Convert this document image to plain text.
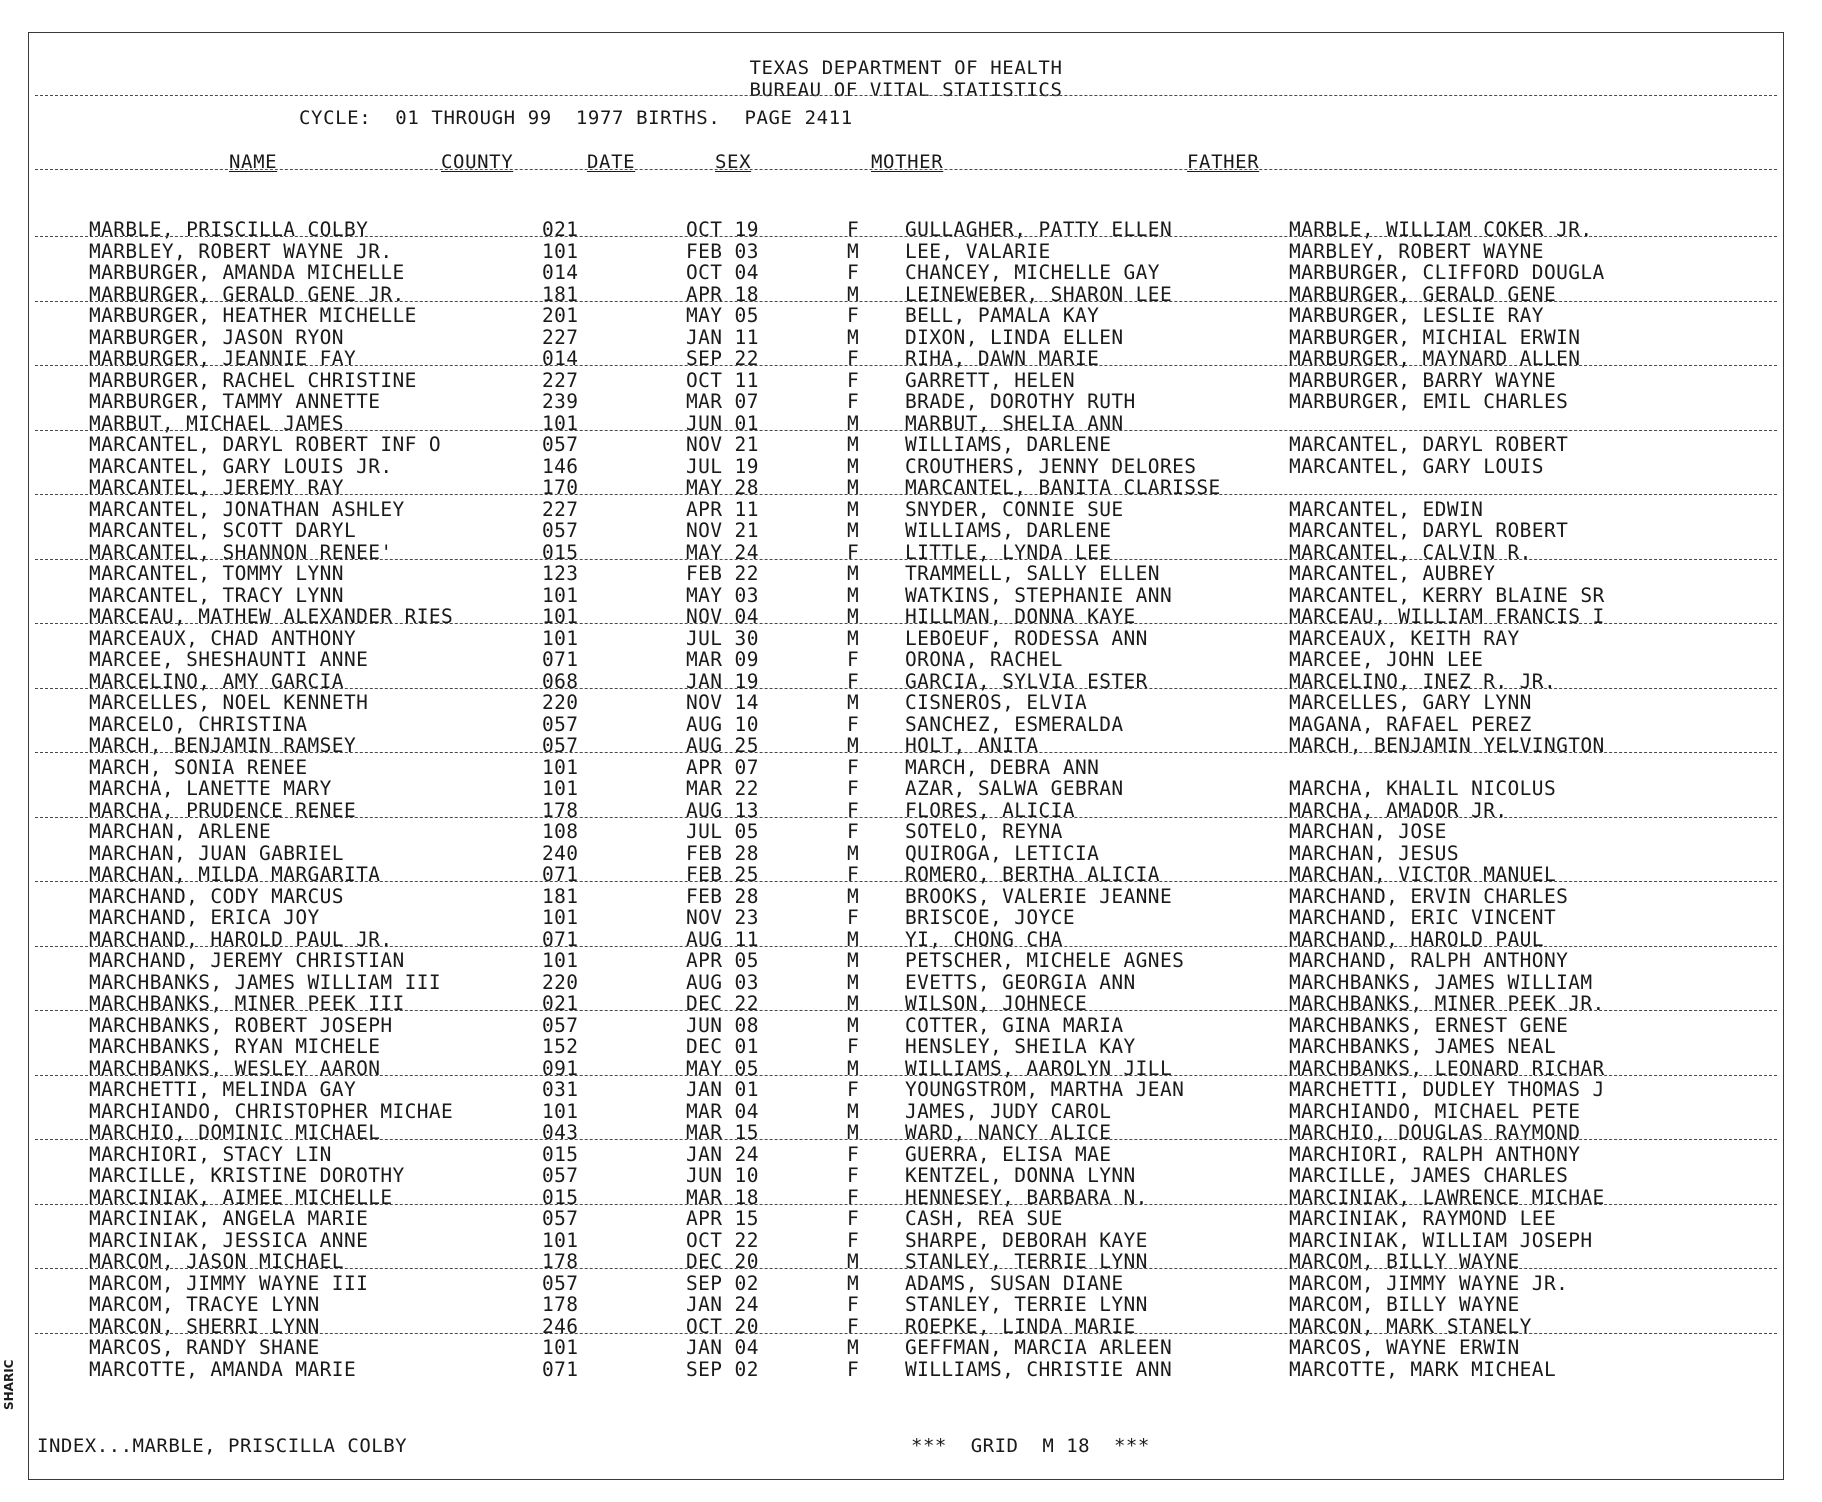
TEXAS DEPARTMENT OF HEALTH
BUREAU OF VITAL STATISTICS
CYCLE:  01 THROUGH 99  1977 BIRTHS.  PAGE 2411
NAME	COUNTY	DATE	SEX	MOTHER	FATHER
MARBLE, PRISCILLA COLBY	021	OCT 19	F GULLAGHER, PATTY ELLEN	MARBLE, WILLIAM COKER JR.
MARBLEY, ROBERT WAYNE JR.	101	FEB 03	M LEE, VALARIE	MARBLEY, ROBERT WAYNE
MARBURGER, AMANDA MICHELLE	014	OCT 04	F CHANCEY, MICHELLE GAY	MARBURGER, CLIFFORD DOUGLA
MARBURGER, GERALD GENE JR.	181	APR 18	M LEINEWEBER, SHARON LEE	MARBURGER, GERALD GENE
MARBURGER, HEATHER MICHELLE	201	MAY 05	F BELL, PAMALA KAY	MARBURGER, LESLIE RAY
MARBURGER, JASON RYON	227	JAN 11	M DIXON, LINDA ELLEN	MARBURGER, MICHIAL ERWIN
MARBURGER, JEANNIE FAY	014	SEP 22	F RIHA, DAWN MARIE	MARBURGER, MAYNARD ALLEN
MARBURGER, RACHEL CHRISTINE	227	OCT 11	F GARRETT, HELEN	MARBURGER, BARRY WAYNE
MARBURGER, TAMMY ANNETTE	239	MAR 07	F BRADE, DOROTHY RUTH	MARBURGER, EMIL CHARLES
MARBUT, MICHAEL JAMES	101	JUN 01	M MARBUT, SHELIA ANN
MARCANTEL, DARYL ROBERT INF O	057	NOV 21	M WILLIAMS, DARLENE	MARCANTEL, DARYL ROBERT
MARCANTEL, GARY LOUIS JR.	146	JUL 19	M CROUTHERS, JENNY DELORES	MARCANTEL, GARY LOUIS
MARCANTEL, JEREMY RAY	170	MAY 28	M MARCANTEL, BANITA CLARISSE
MARCANTEL, JONATHAN ASHLEY	227	APR 11	M SNYDER, CONNIE SUE	MARCANTEL, EDWIN
MARCANTEL, SCOTT DARYL	057	NOV 21	M WILLIAMS, DARLENE	MARCANTEL, DARYL ROBERT
MARCANTEL, SHANNON RENEE'	015	MAY 24	F LITTLE, LYNDA LEE	MARCANTEL, CALVIN R.
MARCANTEL, TOMMY LYNN	123	FEB 22	M TRAMMELL, SALLY ELLEN	MARCANTEL, AUBREY
MARCANTEL, TRACY LYNN	101	MAY 03	M WATKINS, STEPHANIE ANN	MARCANTEL, KERRY BLAINE SR
MARCEAU, MATHEW ALEXANDER RIES	101	NOV 04	M HILLMAN, DONNA KAYE	MARCEAU, WILLIAM FRANCIS I
MARCEAUX, CHAD ANTHONY	101	JUL 30	M LEBOEUF, RODESSA ANN	MARCEAUX, KEITH RAY
MARCEE, SHESHAUNTI ANNE	071	MAR 09	F ORONA, RACHEL	MARCEE, JOHN LEE
MARCELINO, AMY GARCIA	068	JAN 19	F GARCIA, SYLVIA ESTER	MARCELINO, INEZ R. JR.
MARCELLES, NOEL KENNETH	220	NOV 14	M CISNEROS, ELVIA	MARCELLES, GARY LYNN
MARCELO, CHRISTINA	057	AUG 10	F SANCHEZ, ESMERALDA	MAGANA, RAFAEL PEREZ
MARCH, BENJAMIN RAMSEY	057	AUG 25	M HOLT, ANITA	MARCH, BENJAMIN YELVINGTON
MARCH, SONIA RENEE	101	APR 07	F MARCH, DEBRA ANN
MARCHA, LANETTE MARY	101	MAR 22	F AZAR, SALWA GEBRAN	MARCHA, KHALIL NICOLUS
MARCHA, PRUDENCE RENEE	178	AUG 13	F FLORES, ALICIA	MARCHA, AMADOR JR.
MARCHAN, ARLENE	108	JUL 05	F SOTELO, REYNA	MARCHAN, JOSE
MARCHAN, JUAN GABRIEL	240	FEB 28	M QUIROGA, LETICIA	MARCHAN, JESUS
MARCHAN, MILDA MARGARITA	071	FEB 25	F ROMERO, BERTHA ALICIA	MARCHAN, VICTOR MANUEL
MARCHAND, CODY MARCUS	181	FEB 28	M BROOKS, VALERIE JEANNE	MARCHAND, ERVIN CHARLES
MARCHAND, ERICA JOY	101	NOV 23	F BRISCOE, JOYCE	MARCHAND, ERIC VINCENT
MARCHAND, HAROLD PAUL JR.	071	AUG 11	M YI, CHONG CHA	MARCHAND, HAROLD PAUL
MARCHAND, JEREMY CHRISTIAN	101	APR 05	M PETSCHER, MICHELE AGNES	MARCHAND, RALPH ANTHONY
MARCHBANKS, JAMES WILLIAM III	220	AUG 03	M EVETTS, GEORGIA ANN	MARCHBANKS, JAMES WILLIAM
MARCHBANKS, MINER PEEK III	021	DEC 22	M WILSON, JOHNECE	MARCHBANKS, MINER PEEK JR.
MARCHBANKS, ROBERT JOSEPH	057	JUN 08	M COTTER, GINA MARIA	MARCHBANKS, ERNEST GENE
MARCHBANKS, RYAN MICHELE	152	DEC 01	F HENSLEY, SHEILA KAY	MARCHBANKS, JAMES NEAL
MARCHBANKS, WESLEY AARON	091	MAY 05	M WILLIAMS, AAROLYN JILL	MARCHBANKS, LEONARD RICHAR
MARCHETTI, MELINDA GAY	031	JAN 01	F YOUNGSTROM, MARTHA JEAN	MARCHETTI, DUDLEY THOMAS J
MARCHIANDO, CHRISTOPHER MICHAE	101	MAR 04	M JAMES, JUDY CAROL	MARCHIANDO, MICHAEL PETE
MARCHIO, DOMINIC MICHAEL	043	MAR 15	M WARD, NANCY ALICE	MARCHIO, DOUGLAS RAYMOND
MARCHIORI, STACY LIN	015	JAN 24	F GUERRA, ELISA MAE	MARCHIORI, RALPH ANTHONY
MARCILLE, KRISTINE DOROTHY	057	JUN 10	F KENTZEL, DONNA LYNN	MARCILLE, JAMES CHARLES
MARCINIAK, AIMEE MICHELLE	015	MAR 18	F HENNESEY, BARBARA N.	MARCINIAK, LAWRENCE MICHAE
MARCINIAK, ANGELA MARIE	057	APR 15	F CASH, REA SUE	MARCINIAK, RAYMOND LEE
MARCINIAK, JESSICA ANNE	101	OCT 22	F SHARPE, DEBORAH KAYE	MARCINIAK, WILLIAM JOSEPH
MARCOM, JASON MICHAEL	178	DEC 20	M STANLEY, TERRIE LYNN	MARCOM, BILLY WAYNE
MARCOM, JIMMY WAYNE III	057	SEP 02	M ADAMS, SUSAN DIANE	MARCOM, JIMMY WAYNE JR.
MARCOM, TRACYE LYNN	178	JAN 24	F STANLEY, TERRIE LYNN	MARCOM, BILLY WAYNE
MARCON, SHERRI LYNN	246	OCT 20	F ROEPKE, LINDA MARIE	MARCON, MARK STANELY
MARCOS, RANDY SHANE	101	JAN 04	M GEFFMAN, MARCIA ARLEEN	MARCOS, WAYNE ERWIN
MARCOTTE, AMANDA MARIE	071	SEP 02	F WILLIAMS, CHRISTIE ANN	MARCOTTE, MARK MICHEAL
INDEX...MARBLE, PRISCILLA COLBY	***  GRID  M 18  ***
SHARIC
